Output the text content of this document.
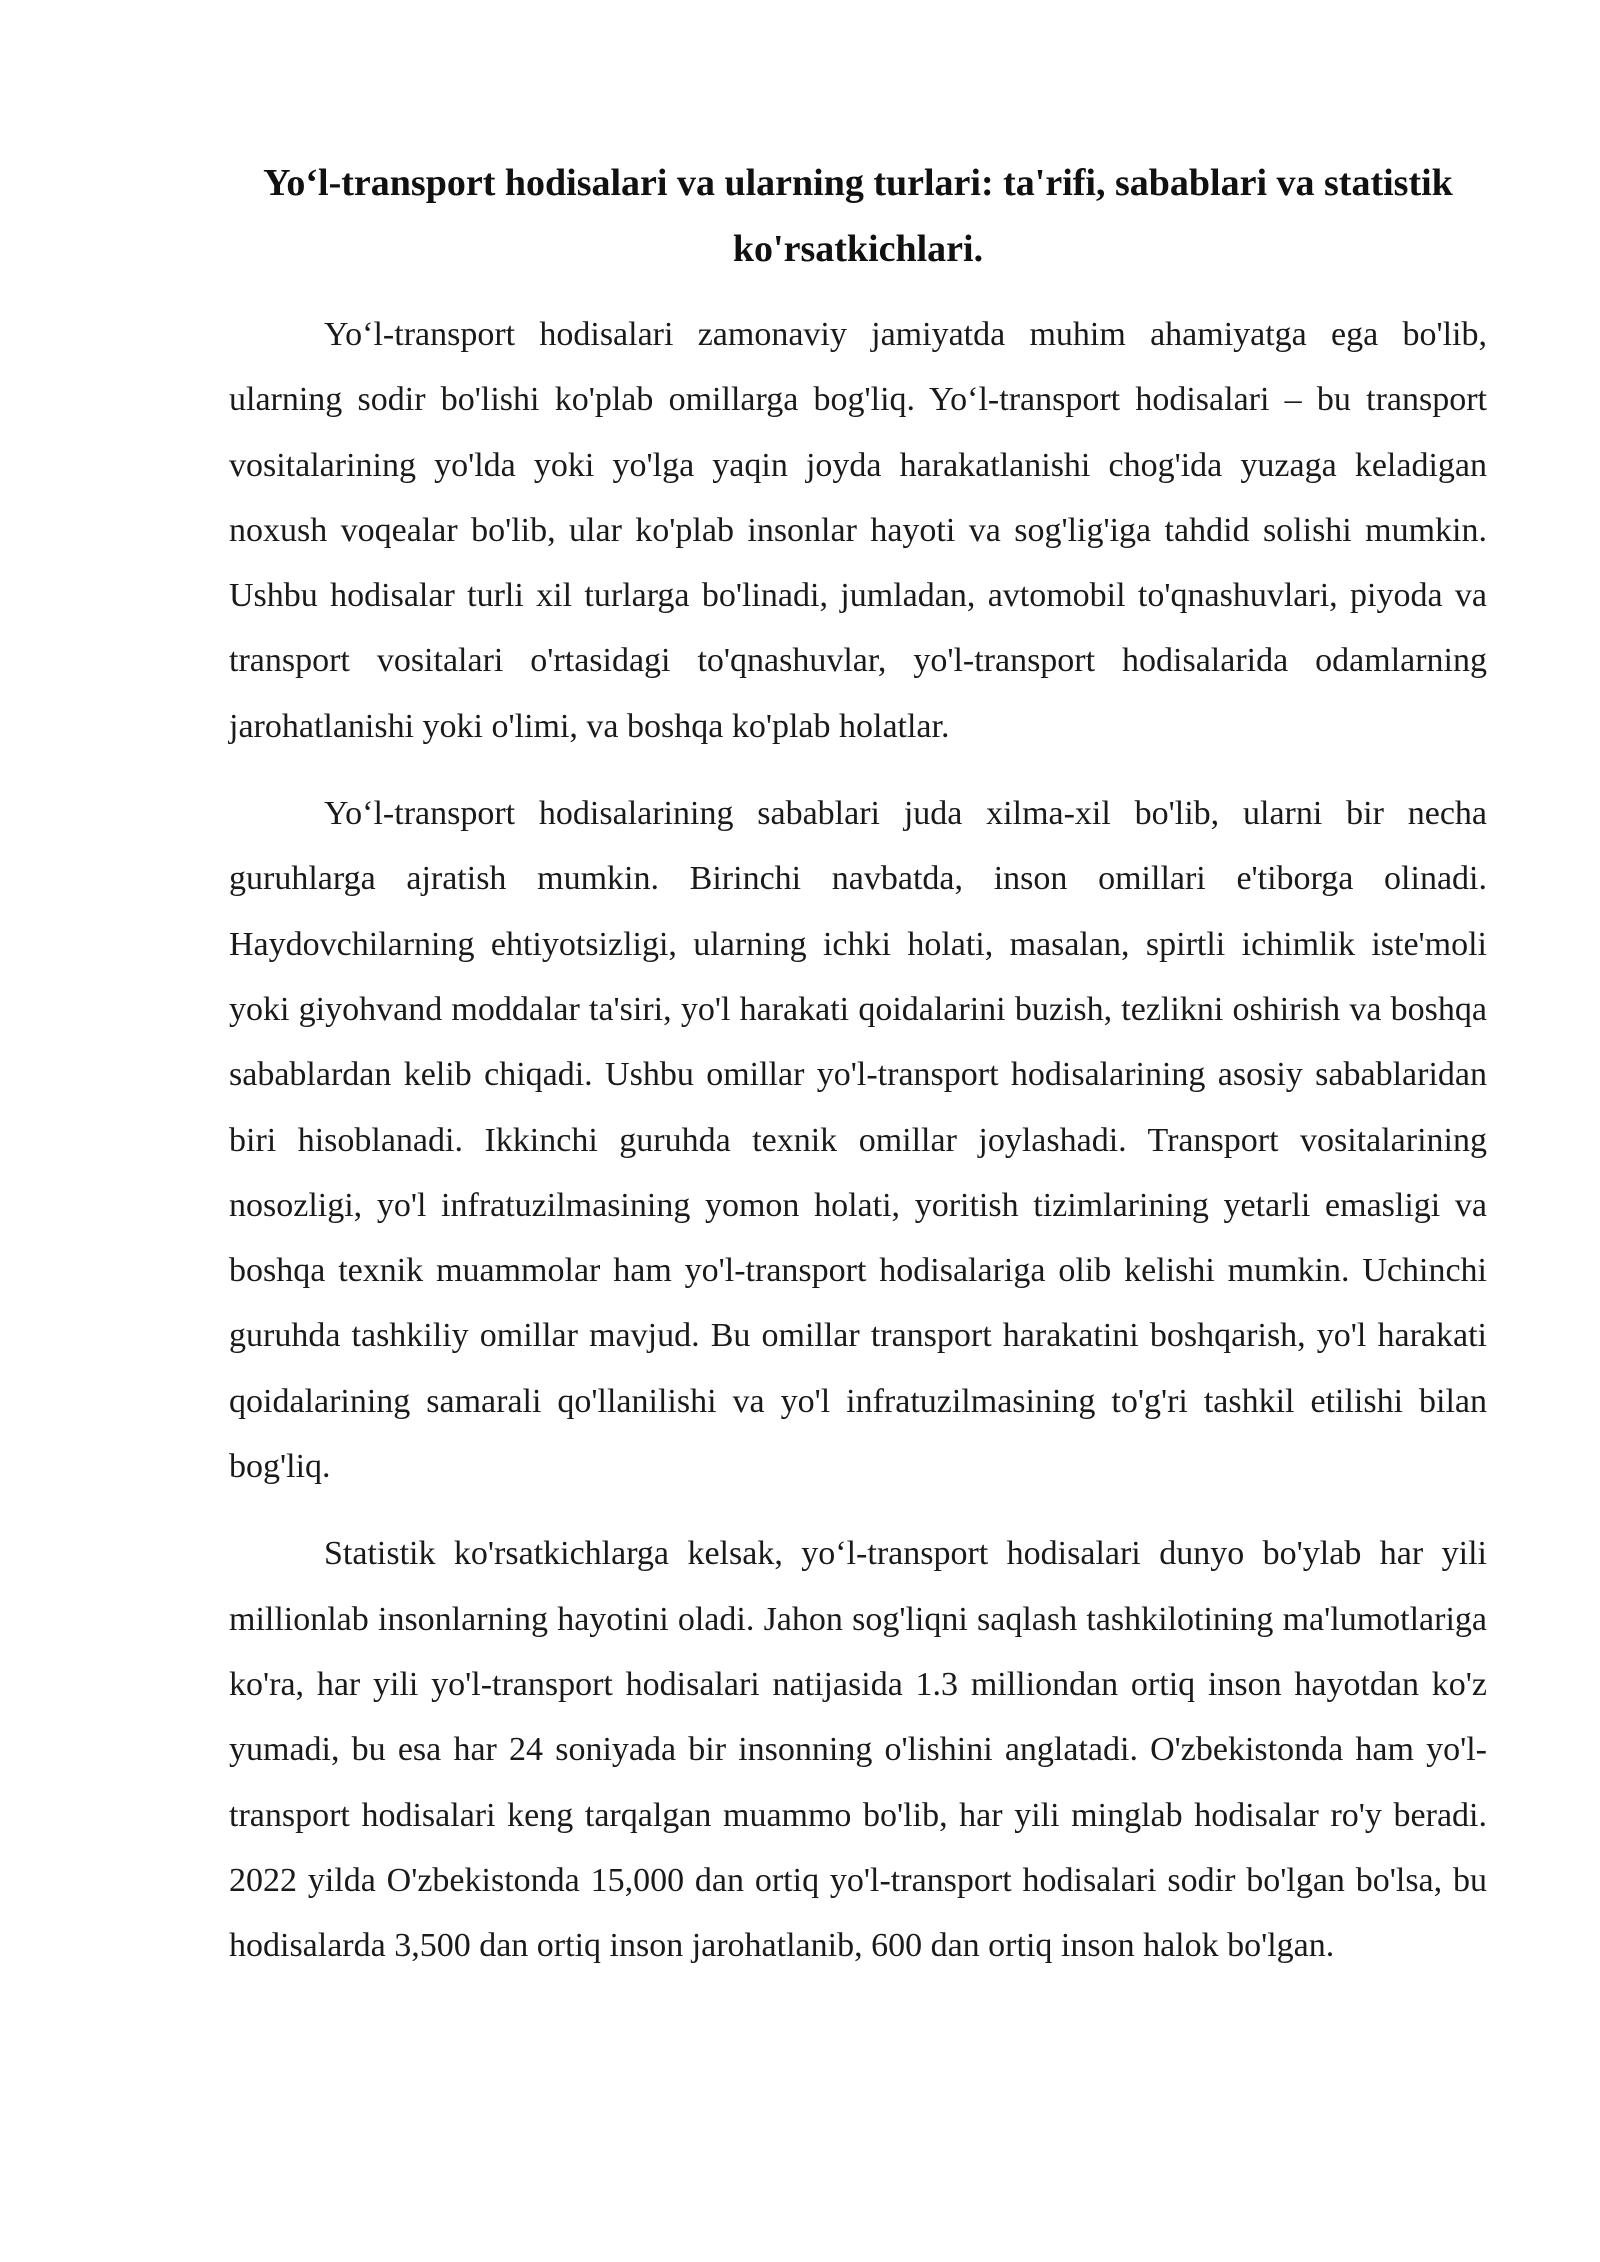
Yo‘l-transport hodisalari va ularning turlari: ta'rifi, sabablari va statistik ko'rsatkichlari.

Yo‘l-transport hodisalari zamonaviy jamiyatda muhim ahamiyatga ega bo'lib, ularning sodir bo'lishi ko'plab omillarga bog'liq. Yo‘l-transport hodisalari – bu transport vositalarining yo'lda yoki yo'lga yaqin joyda harakatlanishi chog'ida yuzaga keladigan noxush voqealar bo'lib, ular ko'plab insonlar hayoti va sog'lig'iga tahdid solishi mumkin. Ushbu hodisalar turli xil turlarga bo'linadi, jumladan, avtomobil to'qnashuvlari, piyoda va transport vositalari o'rtasidagi to'qnashuvlar, yo'l-transport hodisalarida odamlarning jarohatlanishi yoki o'limi, va boshqa ko'plab holatlar.

Yo‘l-transport hodisalarining sabablari juda xilma-xil bo'lib, ularni bir necha guruhlarga ajratish mumkin. Birinchi navbatda, inson omillari e'tiborga olinadi. Haydovchilarning ehtiyotsizligi, ularning ichki holati, masalan, spirtli ichimlik iste'moli yoki giyohvand moddalar ta'siri, yo'l harakati qoidalarini buzish, tezlikni oshirish va boshqa sabablardan kelib chiqadi. Ushbu omillar yo'l-transport hodisalarining asosiy sabablaridan biri hisoblanadi. Ikkinchi guruhda texnik omillar joylashadi. Transport vositalarining nosozligi, yo'l infratuzilmasining yomon holati, yoritish tizimlarining yetarli emasligi va boshqa texnik muammolar ham yo'l-transport hodisalariga olib kelishi mumkin. Uchinchi guruhda tashkiliy omillar mavjud. Bu omillar transport harakatini boshqarish, yo'l harakati qoidalarining samarali qo'llanilishi va yo'l infratuzilmasining to'g'ri tashkil etilishi bilan bog'liq.

Statistik ko'rsatkichlarga kelsak, yo‘l-transport hodisalari dunyo bo'ylab har yili millionlab insonlarning hayotini oladi. Jahon sog'liqni saqlash tashkilotining ma'lumotlariga ko'ra, har yili yo'l-transport hodisalari natijasida 1.3 milliondan ortiq inson hayotdan ko'z yumadi, bu esa har 24 soniyada bir insonning o'lishini anglatadi. O'zbekistonda ham yo'l-transport hodisalari keng tarqalgan muammo bo'lib, har yili minglab hodisalar ro'y beradi. 2022 yilda O'zbekistonda 15,000 dan ortiq yo'l-transport hodisalari sodir bo'lgan bo'lsa, bu hodisalarda 3,500 dan ortiq inson jarohatlanib, 600 dan ortiq inson halok bo'lgan.
